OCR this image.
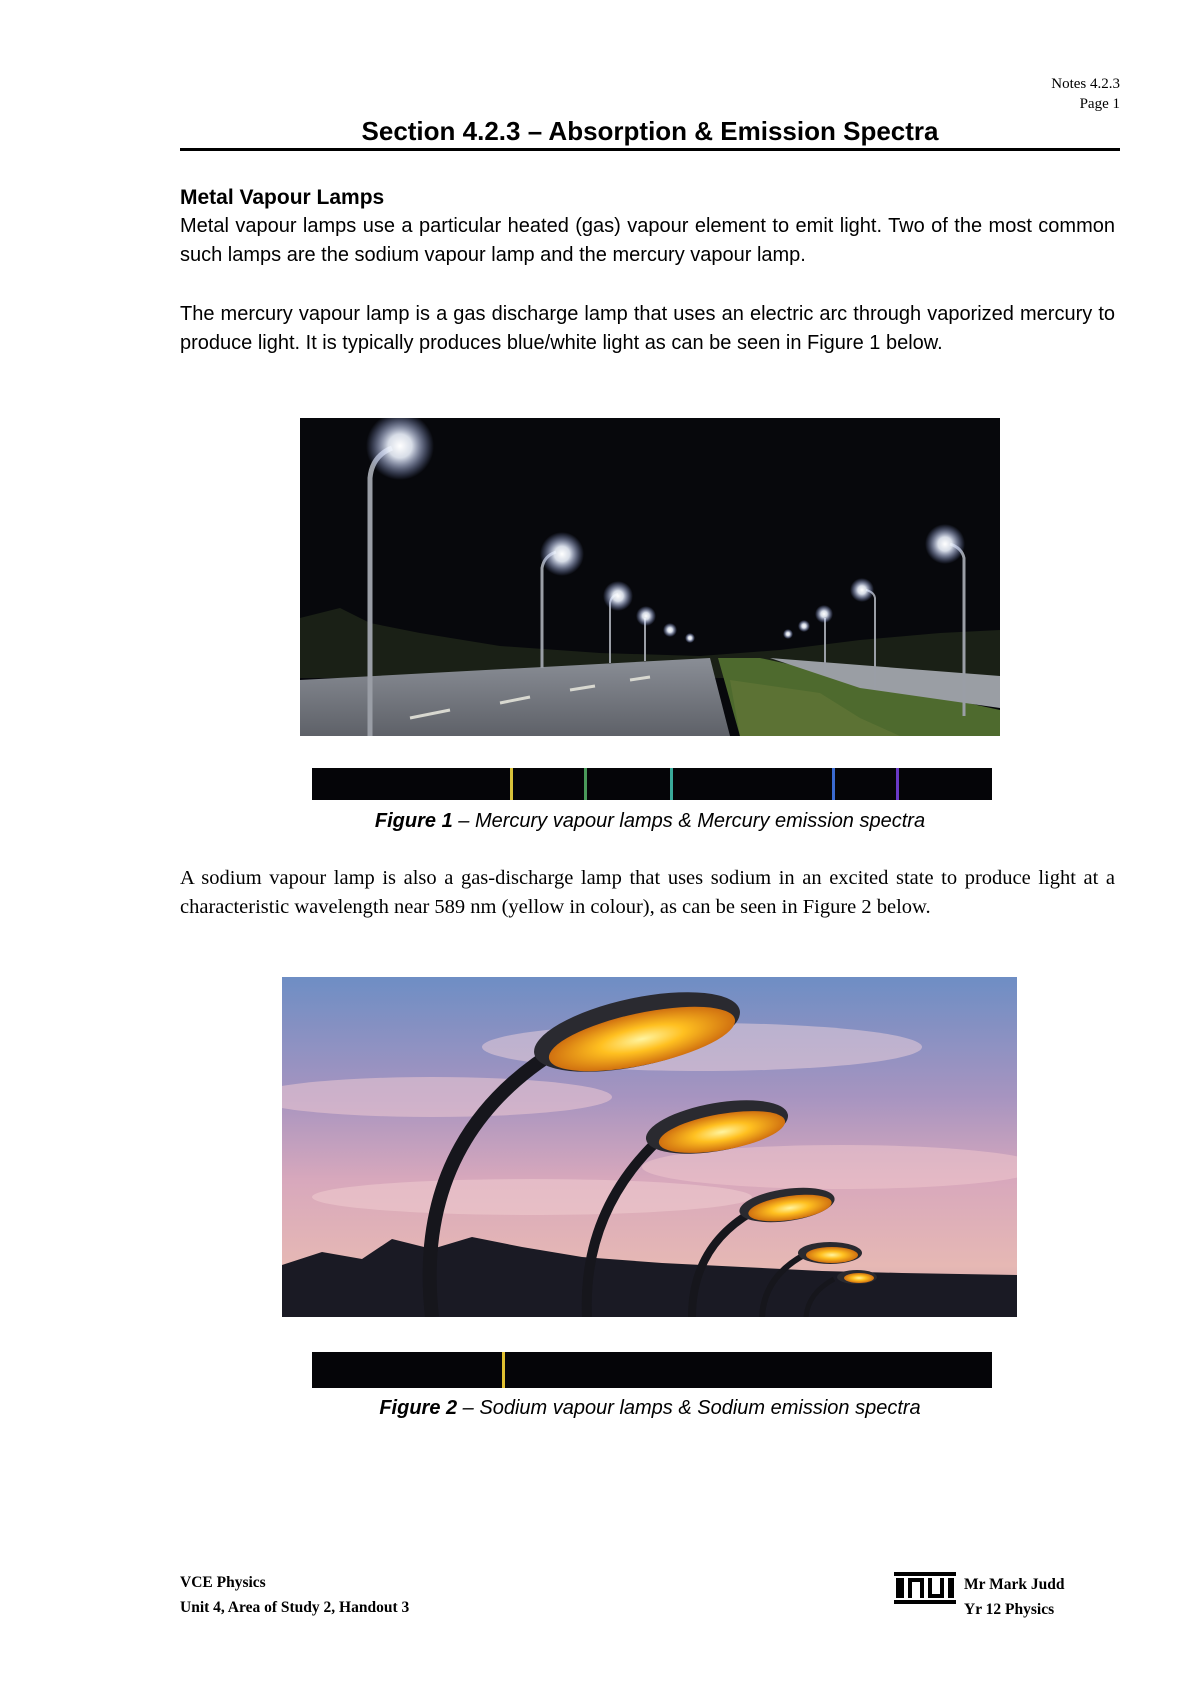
Notes 4.2.3
Page 1
Section 4.2.3 – Absorption & Emission Spectra
Metal Vapour Lamps
Metal vapour lamps use a particular heated (gas) vapour element to emit light. Two of the most common such lamps are the sodium vapour lamp and the mercury vapour lamp.
The mercury vapour lamp is a gas discharge lamp that uses an electric arc through vaporized mercury to produce light. It is typically produces blue/white light as can be seen in Figure 1 below.
Figure 1 – Mercury vapour lamps & Mercury emission spectra
A sodium vapour lamp is also a gas-discharge lamp that uses sodium in an excited state to produce light at a characteristic wavelength near 589 nm (yellow in colour), as can be seen in Figure 2 below.
Figure 2 – Sodium vapour lamps & Sodium emission spectra
VCE Physics
Unit 4, Area of Study 2, Handout 3
Mr Mark Judd
Yr 12 Physics
